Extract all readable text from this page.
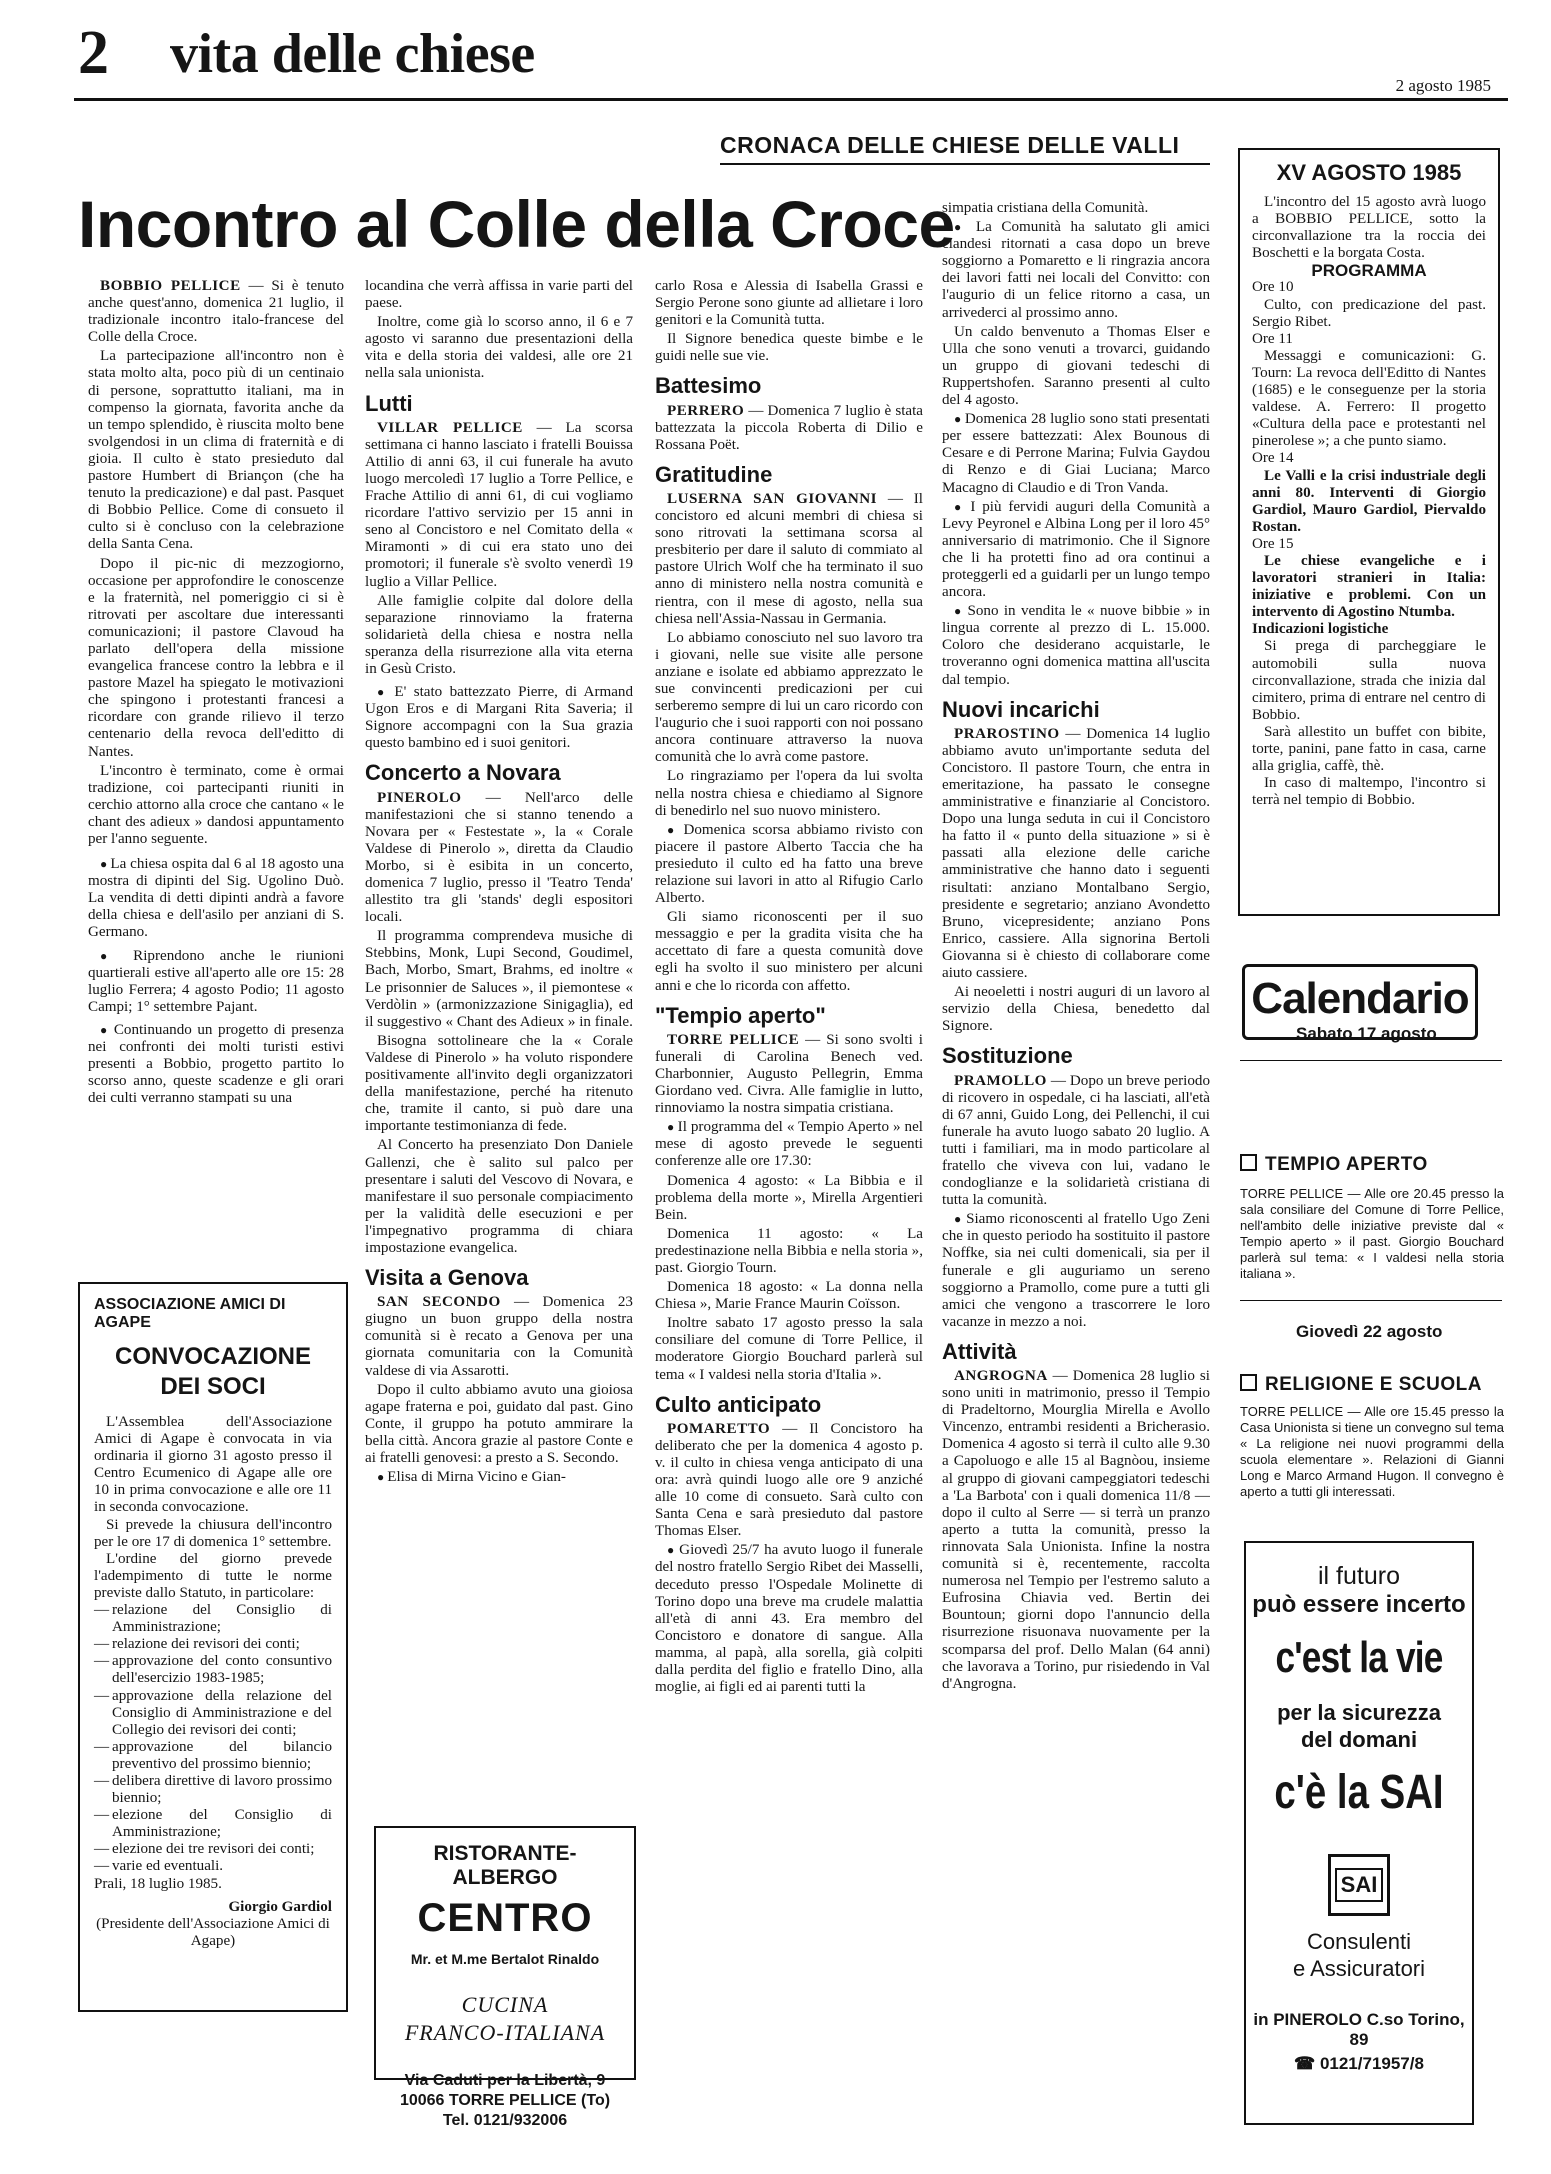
2 vita delle chiese
2 agosto 1985
CRONACA DELLE CHIESE DELLE VALLI
Incontro al Colle della Croce

BOBBIO PELLICE — Si è tenuto anche quest'anno, domenica 21 luglio, il tradizionale incontro italo-francese del Colle della Croce.

La partecipazione all'incontro non è stata molto alta, poco più di un centinaio di persone, soprattutto italiani, ma in compenso la giornata, favorita anche da un tempo splendido, è riuscita molto bene svolgendosi in un clima di fraternità e di gioia. Il culto è stato presieduto dal pastore Humbert di Briançon (che ha tenuto la predicazione) e dal past. Pasquet di Bobbio Pellice. Come di consueto il culto si è concluso con la celebrazione della Santa Cena.

Dopo il pic-nic di mezzogiorno, occasione per approfondire le conoscenze e la fraternità, nel pomeriggio ci si è ritrovati per ascoltare due interessanti comunicazioni; il pastore Clavoud ha parlato dell'opera della missione evangelica francese contro la lebbra e il pastore Mazel ha spiegato le motivazioni che spingono i protestanti francesi a ricordare con grande rilievo il terzo centenario della revoca dell'editto di Nantes.

L'incontro è terminato, come è ormai tradizione, coi partecipanti riuniti in cerchio attorno alla croce che cantano « le chant des adieux » dandosi appuntamento per l'anno seguente.

● La chiesa ospita dal 6 al 18 agosto una mostra di dipinti del Sig. Ugolino Duò. La vendita di detti dipinti andrà a favore della chiesa e dell'asilo per anziani di S. Germano.

● Riprendono anche le riunioni quartierali estive all'aperto alle ore 15: 28 luglio Ferrera; 4 agosto Podio; 11 agosto Campi; 1° settembre Pajant.

● Continuando un progetto di presenza nei confronti dei molti turisti estivi presenti a Bobbio, progetto partito lo scorso anno, queste scadenze e gli orari dei culti verranno stampati su una

ASSOCIAZIONE AMICI DI AGAPE
CONVOCAZIONE DEI SOCI

L'Assemblea dell'Associazione Amici di Agape è convocata in via ordinaria il giorno 31 agosto presso il Centro Ecumenico di Agape alle ore 10 in prima convocazione e alle ore 11 in seconda convocazione.

Si prevede la chiusura dell'incontro per le ore 17 di domenica 1° settembre.

L'ordine del giorno prevede l'adempimento di tutte le norme previste dallo Statuto, in particolare:

— relazione del Consiglio di Amministrazione;

— relazione dei revisori dei conti;

— approvazione del conto consuntivo dell'esercizio 1983-1985;

— approvazione della relazione del Consiglio di Amministrazione e del Collegio dei revisori dei conti;

— approvazione del bilancio preventivo del prossimo biennio;

— delibera direttive di lavoro prossimo biennio;

— elezione del Consiglio di Amministrazione;

— elezione dei tre revisori dei conti;

— varie ed eventuali.

Prali, 18 luglio 1985.

Giorgio Gardiol
(Presidente dell'Associazione Amici di Agape)

locandina che verrà affissa in varie parti del paese.

Inoltre, come già lo scorso anno, il 6 e 7 agosto vi saranno due presentazioni della vita e della storia dei valdesi, alle ore 21 nella sala unionista.

Lutti

VILLAR PELLICE — La scorsa settimana ci hanno lasciato i fratelli Bouissa Attilio di anni 63, il cui funerale ha avuto luogo mercoledì 17 luglio a Torre Pellice, e Frache Attilio di anni 61, di cui vogliamo ricordare l'attivo servizio per 15 anni in seno al Concistoro e nel Comitato della « Miramonti » di cui era stato uno dei promotori; il funerale s'è svolto venerdì 19 luglio a Villar Pellice.

Alle famiglie colpite dal dolore della separazione rinnoviamo la fraterna solidarietà della chiesa e nostra nella speranza della risurrezione alla vita eterna in Gesù Cristo.

● E' stato battezzato Pierre, di Armand Ugon Eros e di Margani Rita Saveria; il Signore accompagni con la Sua grazia questo bambino ed i suoi genitori.

Concerto a Novara

PINEROLO — Nell'arco delle manifestazioni che si stanno tenendo a Novara per « Festestate », la « Corale Valdese di Pinerolo », diretta da Claudio Morbo, si è esibita in un concerto, domenica 7 luglio, presso il 'Teatro Tenda' allestito tra gli 'stands' degli espositori locali.

Il programma comprendeva musiche di Stebbins, Monk, Lupi Second, Goudimel, Bach, Morbo, Smart, Brahms, ed inoltre « Le prisonnier de Saluces », il piemontese « Verdòlin » (armonizzazione Sinigaglia), ed il suggestivo « Chant des Adieux » in finale.

Bisogna sottolineare che la « Corale Valdese di Pinerolo » ha voluto rispondere positivamente all'invito degli organizzatori della manifestazione, perché ha ritenuto che, tramite il canto, si può dare una importante testimonianza di fede.

Al Concerto ha presenziato Don Daniele Gallenzi, che è salito sul palco per presentare i saluti del Vescovo di Novara, e manifestare il suo personale compiacimento per la validità delle esecuzioni e per l'impegnativo programma di chiara impostazione evangelica.

Visita a Genova

SAN SECONDO — Domenica 23 giugno un buon gruppo della nostra comunità si è recato a Genova per una giornata comunitaria con la Comunità valdese di via Assarotti.

Dopo il culto abbiamo avuto una gioiosa agape fraterna e poi, guidato dal past. Gino Conte, il gruppo ha potuto ammirare la bella città. Ancora grazie al pastore Conte e ai fratelli genovesi: a presto a S. Secondo.

● Elisa di Mirna Vicino e Gian-

RISTORANTE-ALBERGO
CENTRO
Mr. et M.me Bertalot Rinaldo
CUCINA
FRANCO-ITALIANA
Via Caduti per la Libertà, 9
10066 TORRE PELLICE (To)
Tel. 0121/932006

carlo Rosa e Alessia di Isabella Grassi e Sergio Perone sono giunte ad allietare i loro genitori e la Comunità tutta.

Il Signore benedica queste bimbe e le guidi nelle sue vie.

Battesimo

PERRERO — Domenica 7 luglio è stata battezzata la piccola Roberta di Dilio e Rossana Poët.

Gratitudine

LUSERNA SAN GIOVANNI — Il concistoro ed alcuni membri di chiesa si sono ritrovati la settimana scorsa al presbiterio per dare il saluto di commiato al pastore Ulrich Wolf che ha terminato il suo anno di ministero nella nostra comunità e rientra, con il mese di agosto, nella sua chiesa nell'Assia-Nassau in Germania.

Lo abbiamo conosciuto nel suo lavoro tra i giovani, nelle sue visite alle persone anziane e isolate ed abbiamo apprezzato le sue convincenti predicazioni per cui serberemo sempre di lui un caro ricordo con l'augurio che i suoi rapporti con noi possano ancora continuare attraverso la nuova comunità che lo avrà come pastore.

Lo ringraziamo per l'opera da lui svolta nella nostra chiesa e chiediamo al Signore di benedirlo nel suo nuovo ministero.

● Domenica scorsa abbiamo rivisto con piacere il pastore Alberto Taccia che ha presieduto il culto ed ha fatto una breve relazione sui lavori in atto al Rifugio Carlo Alberto.

Gli siamo riconoscenti per il suo messaggio e per la gradita visita che ha accettato di fare a questa comunità dove egli ha svolto il suo ministero per alcuni anni e che lo ricorda con affetto.

"Tempio aperto"

TORRE PELLICE — Si sono svolti i funerali di Carolina Benech ved. Charbonnier, Augusto Pellegrin, Emma Giordano ved. Civra. Alle famiglie in lutto, rinnoviamo la nostra simpatia cristiana.

● Il programma del « Tempio Aperto » nel mese di agosto prevede le seguenti conferenze alle ore 17.30:

Domenica 4 agosto: « La Bibbia e il problema della morte », Mirella Argentieri Bein.

Domenica 11 agosto: « La predestinazione nella Bibbia e nella storia », past. Giorgio Tourn.

Domenica 18 agosto: « La donna nella Chiesa », Marie France Maurin Coïsson.

Inoltre sabato 17 agosto presso la sala consiliare del comune di Torre Pellice, il moderatore Giorgio Bouchard parlerà sul tema « I valdesi nella storia d'Italia ».

Culto anticipato

POMARETTO — Il Concistoro ha deliberato che per la domenica 4 agosto p. v. il culto in chiesa venga anticipato di una ora: avrà quindi luogo alle ore 9 anziché alle 10 come di consueto. Sarà culto con Santa Cena e sarà presieduto dal pastore Thomas Elser.

● Giovedì 25/7 ha avuto luogo il funerale del nostro fratello Sergio Ribet dei Masselli, deceduto presso l'Ospedale Molinette di Torino dopo una breve ma crudele malattia all'età di anni 43. Era membro del Concistoro e donatore di sangue. Alla mamma, al papà, alla sorella, già colpiti dalla perdita del figlio e fratello Dino, alla moglie, ai figli ed ai parenti tutti la

simpatia cristiana della Comunità.

● La Comunità ha salutato gli amici clandesi ritornati a casa dopo un breve soggiorno a Pomaretto e li ringrazia ancora dei lavori fatti nei locali del Convitto: con l'augurio di un felice ritorno a casa, un arrivederci al prossimo anno.

Un caldo benvenuto a Thomas Elser e Ulla che sono venuti a trovarci, guidando un gruppo di giovani tedeschi di Ruppertshofen. Saranno presenti al culto del 4 agosto.

● Domenica 28 luglio sono stati presentati per essere battezzati: Alex Bounous di Cesare e di Perrone Marina; Fulvia Gaydou di Renzo e di Giai Luciana; Marco Macagno di Claudio e di Tron Vanda.

● I più fervidi auguri della Comunità a Levy Peyronel e Albina Long per il loro 45° anniversario di matrimonio. Che il Signore che li ha protetti fino ad ora continui a proteggerli ed a guidarli per un lungo tempo ancora.

● Sono in vendita le « nuove bibbie » in lingua corrente al prezzo di L. 15.000. Coloro che desiderano acquistarle, le troveranno ogni domenica mattina all'uscita dal tempio.

Nuovi incarichi

PRAROSTINO — Domenica 14 luglio abbiamo avuto un'importante seduta del Concistoro. Il pastore Tourn, che entra in emeritazione, ha passato le consegne amministrative e finanziarie al Concistoro. Dopo una lunga seduta in cui il Concistoro ha fatto il « punto della situazione » si è passati alla elezione delle cariche amministrative che hanno dato i seguenti risultati: anziano Montalbano Sergio, presidente e segretario; anziano Avondetto Bruno, vicepresidente; anziano Pons Enrico, cassiere. Alla signorina Bertoli Giovanna si è chiesto di collaborare come aiuto cassiere.

Ai neoeletti i nostri auguri di un lavoro al servizio della Chiesa, benedetto dal Signore.

Sostituzione

PRAMOLLO — Dopo un breve periodo di ricovero in ospedale, ci ha lasciati, all'età di 67 anni, Guido Long, dei Pellenchi, il cui funerale ha avuto luogo sabato 20 luglio. A tutti i familiari, ma in modo particolare al fratello che viveva con lui, vadano le condoglianze e la solidarietà cristiana di tutta la comunità.

● Siamo riconoscenti al fratello Ugo Zeni che in questo periodo ha sostituito il pastore Noffke, sia nei culti domenicali, sia per il funerale e gli auguriamo un sereno soggiorno a Pramollo, come pure a tutti gli amici che vengono a trascorrere le loro vacanze in mezzo a noi.

Attività

ANGROGNA — Domenica 28 luglio si sono uniti in matrimonio, presso il Tempio di Pradeltorno, Mourglia Mirella e Avollo Vincenzo, entrambi residenti a Bricherasio. Domenica 4 agosto si terrà il culto alle 9.30 a Capoluogo e alle 15 al Bagnòou, insieme al gruppo di giovani campeggiatori tedeschi a 'La Barbota' con i quali domenica 11/8 — dopo il culto al Serre — si terrà un pranzo aperto a tutta la comunità, presso la rinnovata Sala Unionista. Infine la nostra comunità si è, recentemente, raccolta numerosa nel Tempio per l'estremo saluto a Eufrosina Chiavia ved. Bertin dei Bountoun; giorni dopo l'annuncio della risurrezione risuonava nuovamente per la scomparsa del prof. Dello Malan (64 anni) che lavorava a Torino, pur risiedendo in Val d'Angrogna.

XV AGOSTO 1985

L'incontro del 15 agosto avrà luogo a BOBBIO PELLICE, sotto la circonvallazione tra la roccia dei Boschetti e la borgata Costa.

PROGRAMMA

Ore 10

Culto, con predicazione del past. Sergio Ribet.

Ore 11

Messaggi e comunicazioni: G. Tourn: La revoca dell'Editto di Nantes (1685) e le conseguenze per la storia valdese. A. Ferrero: Il progetto «Cultura della pace e protestanti nel pinerolese »; a che punto siamo.

Ore 14

Le Valli e la crisi industriale degli anni 80. Interventi di Giorgio Gardiol, Mauro Gardiol, Piervaldo Rostan.

Ore 15

Le chiese evangeliche e i lavoratori stranieri in Italia: iniziative e problemi. Con un intervento di Agostino Ntumba.

Indicazioni logistiche

Si prega di parcheggiare le automobili sulla nuova circonvallazione, strada che inizia dal cimitero, prima di entrare nel centro di Bobbio.

Sarà allestito un buffet con bibite, torte, panini, pane fatto in casa, carne alla griglia, caffè, thè.

In caso di maltempo, l'incontro si terrà nel tempio di Bobbio.

Calendario
Sabato 17 agosto
TEMPIO APERTO
TORRE PELLICE — Alle ore 20.45 presso la sala consiliare del Comune di Torre Pellice, nell'ambito delle iniziative previste dal « Tempio aperto » il past. Giorgio Bouchard parlerà sul tema: « I valdesi nella storia italiana ».
Giovedì 22 agosto
RELIGIONE E SCUOLA
TORRE PELLICE — Alle ore 15.45 presso la Casa Unionista si tiene un convegno sul tema « La religione nei nuovi programmi della scuola elementare ». Relazioni di Gianni Long e Marco Armand Hugon. Il convegno è aperto a tutti gli interessati.
il futuro
può essere incerto
c'est la vie
per la sicurezza
del domani
c'è la SAI
SAI
Consulenti
e Assicuratori
in PINEROLO C.so Torino, 89
☎ 0121/71957/8
